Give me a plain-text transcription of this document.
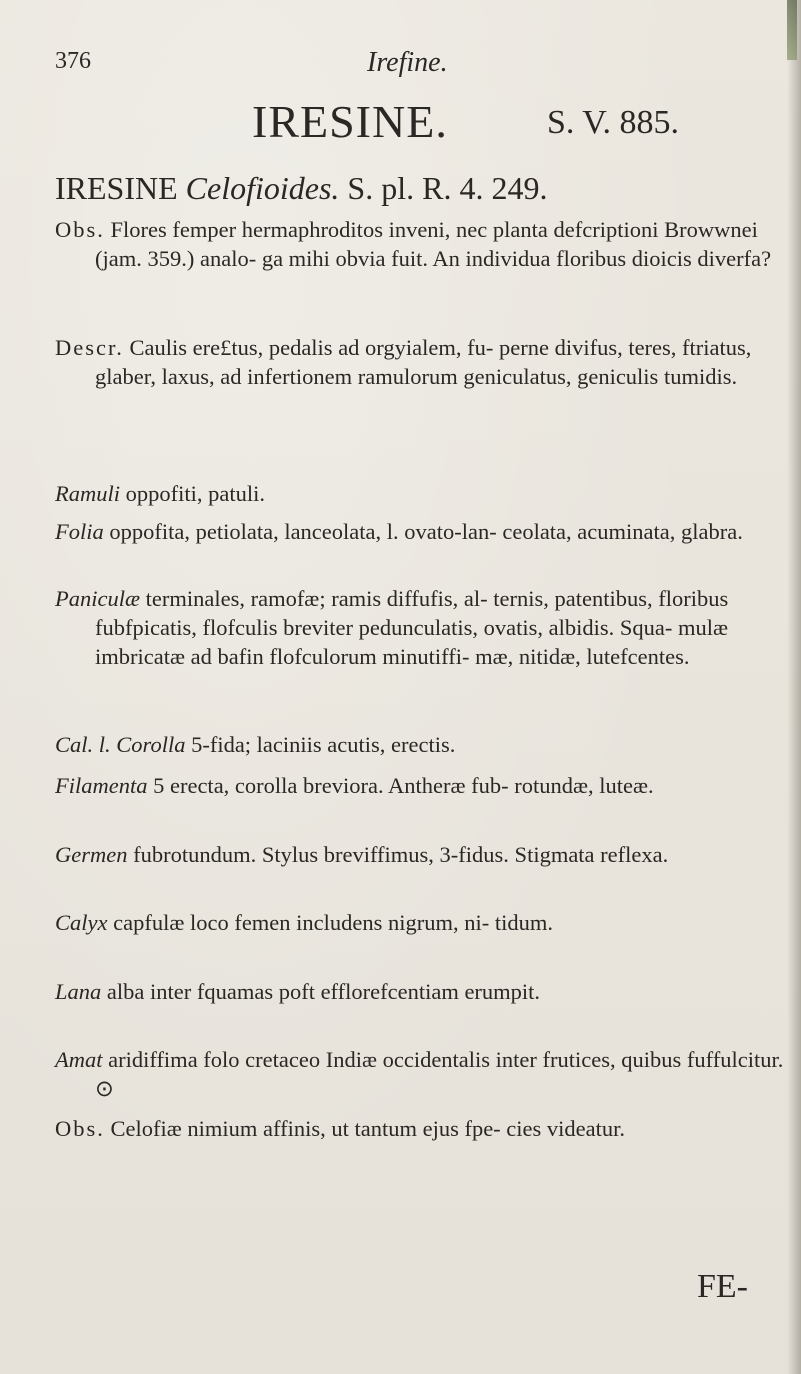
376	Irefine.
IRESINE.	S. V. 885.
IRESINE Celofioides. S. pl. R. 4. 249.

Obs. Flores femper hermaphroditos inveni, nec planta defcriptioni Browwnei (jam. 359.) analo- ga mihi obvia fuit. An individua floribus dioicis diverfa?

Descr. Caulis ere£tus, pedalis ad orgyialem, fu- perne divifus, teres, ftriatus, glaber, laxus, ad infertionem ramulorum geniculatus, geniculis tumidis.

Ramuli oppofiti, patuli.

Folia oppofita, petiolata, lanceolata, l. ovato-lan- ceolata, acuminata, glabra.

Paniculæ terminales, ramofæ; ramis diffufis, al- ternis, patentibus, floribus fubfpicatis, flofculis breviter pedunculatis, ovatis, albidis. Squa- mulæ imbricatæ ad bafin flofculorum minutiffi- mæ, nitidæ, lutefcentes.

Cal. l. Corolla 5-fida; laciniis acutis, erectis.

Filamenta 5 erecta, corolla breviora. Antheræ fub- rotundæ, luteæ.

Germen fubrotundum. Stylus breviffimus, 3-fidus. Stigmata reflexa.

Calyx capfulæ loco femen includens nigrum, ni- tidum.

Lana alba inter fquamas poft efflorefcentiam erumpit.

Amat aridiffima folo cretaceo Indiæ occidentalis inter frutices, quibus fuffulcitur. ⊙

Obs. Celofiæ nimium affinis, ut tantum ejus fpe- cies videatur.

FE-
